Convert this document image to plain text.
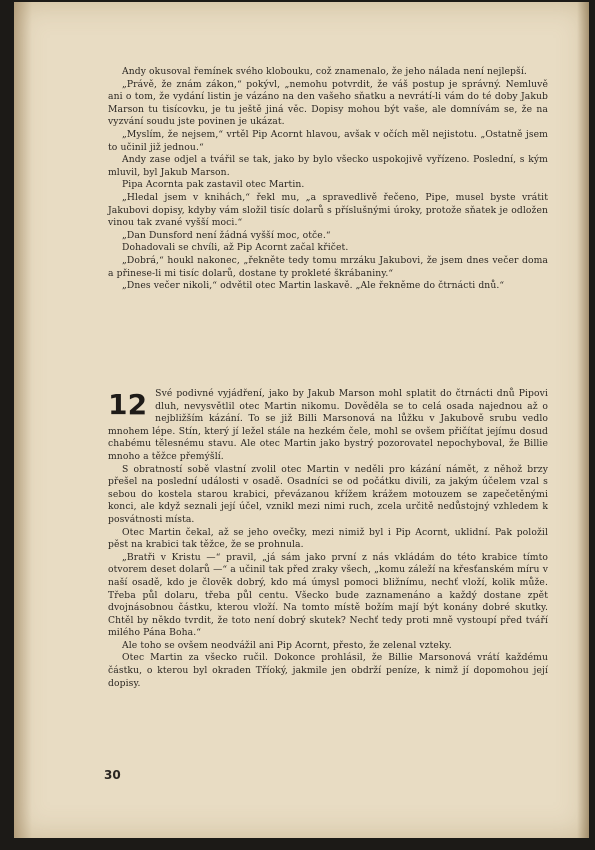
Andy okusoval řemínek svého klobouku, což znamenalo, že jeho nálada není nejlepší.

„Právě, že znám zákon,“ pokývl, „nemohu potvrdit, že váš postup je správný. Nemluvě ani o tom, že vydání listin je vázáno na den vašeho sňatku a nevrátí-li vám do té doby Jakub Marson tu tisícovku, je tu ještě jiná věc. Dopisy mohou být vaše, ale domnívám se, že na vyzvání soudu jste povinen je ukázat.

„Myslím, že nejsem,“ vrtěl Pip Acornt hlavou, avšak v očích měl nejistotu. „Ostatně jsem to učinil již jednou.“

Andy zase odjel a tvářil se tak, jako by bylo všecko uspokojivě vyřízeno. Poslední, s kým mluvil, byl Jakub Marson.

Pipa Acornta pak zastavil otec Martin.

„Hledal jsem v knihách,“ řekl mu, „a spravedlivě řečeno, Pipe, musel byste vrátit Jakubovi dopisy, kdyby vám složil tisíc dolarů s příslušnými úroky, protože sňatek je odložen vinou tak zvané vyšší moci.“

„Dan Dunsford není žádná vyšší moc, otče.“

Dohadovali se chvíli, až Pip Acornt začal křičet.

„Dobrá,“ houkl nakonec, „řekněte tedy tomu mrzáku Jakubovi, že jsem dnes večer doma a přinese-li mi tisíc dolarů, dostane ty prokleté škrábaniny.“

„Dnes večer nikoli,“ odvětil otec Martin laskavě. „Ale řekněme do čtrnácti dnů.“

12 Své podivné vyjádření, jako by Jakub Marson mohl splatit do čtrnácti dnů Pipovi dluh, nevysvětlil otec Martin nikomu. Dověděla se to celá osada najednou až o nejbližším kázání. To se již Billi Marsonová na lůžku v Jakubově srubu vedlo mnohem lépe. Stín, který jí ležel stále na hezkém čele, mohl se ovšem přičítat jejímu dosud chabému tělesnému stavu. Ale otec Martin jako bystrý pozorovatel nepochyboval, že Billie mnoho a těžce přemýšlí.

S obratností sobě vlastní zvolil otec Martin v neděli pro kázání námět, z něhož brzy přešel na poslední události v osadě. Osadníci se od počátku divili, za jakým účelem vzal s sebou do kostela starou krabici, převázanou křížem krážem motouzem se zapečetěnými konci, ale když seznali její účel, vznikl mezi nimi ruch, zcela určitě nedůstojný vzhledem k posvátnosti místa.

Otec Martin čekal, až se jeho ovečky, mezi nimiž byl i Pip Acornt, uklidní. Pak položil pěst na krabici tak těžce, že se prohnula.

„Bratři v Kristu —“ pravil, „já sám jako první z nás vkládám do této krabice tímto otvorem deset dolarů —“ a učinil tak před zraky všech, „komu záleží na křesťanském míru v naší osadě, kdo je člověk dobrý, kdo má úmysl pomoci bližnímu, nechť vloží, kolik může. Třeba půl dolaru, třeba půl centu. Všecko bude zaznamenáno a každý dostane zpět dvojnásobnou částku, kterou vloží. Na tomto místě božím mají být konány dobré skutky. Chtěl by někdo tvrdit, že toto není dobrý skutek? Nechť tedy proti mně vystoupí před tváří milého Pána Boha.“

Ale toho se ovšem neodvážil ani Pip Acornt, přesto, že zelenal vzteky.

Otec Martin za všecko ručil. Dokonce prohlásil, že Billie Marsonová vrátí každému částku, o kterou byl okraden Tříoký, jakmile jen obdrží peníze, k nimž jí dopomohou její dopisy.

30
